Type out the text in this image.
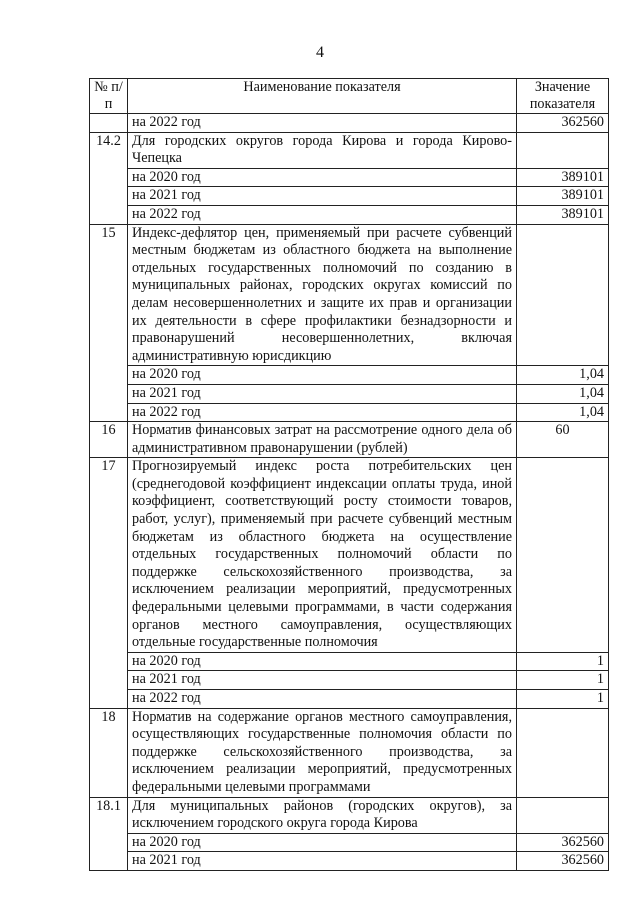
4
№ п/п	Наименование показателя	Значение показателя
	на 2022 год	362560
14.2	Для городских округов города Кирова и города Кирово-Чепецка	
	на 2020 год	389101
	на 2021 год	389101
	на 2022 год	389101
15	Индекс-дефлятор цен, применяемый при расчете субвенций местным бюджетам из областного бюджета на выполнение отдельных государственных полномочий по созданию в муниципальных районах, городских округах комиссий по делам несовершеннолетних и защите их прав и организации их деятельности в сфере профилактики безнадзорности и правонарушений несовершеннолетних, включая административную юрисдикцию	
	на 2020 год	1,04
	на 2021 год	1,04
	на 2022 год	1,04
16	Норматив финансовых затрат на рассмотрение одного дела об административном правонарушении (рублей)	60
17	Прогнозируемый индекс роста потребительских цен (среднегодовой коэффициент индексации оплаты труда, иной коэффициент, соответствующий росту стоимости товаров, работ, услуг), применяемый при расчете субвенций местным бюджетам из областного бюджета на осуществление отдельных государственных полномочий области по поддержке сельскохозяйственного производства, за исключением реализации мероприятий, предусмотренных федеральными целевыми программами, в части содержания органов местного самоуправления, осуществляющих отдельные государственные полномочия	
	на 2020 год	1
	на 2021 год	1
	на 2022 год	1
18	Норматив на содержание органов местного самоуправления, осуществляющих государственные полномочия области по поддержке сельскохозяйственного производства, за исключением реализации мероприятий, предусмотренных федеральными целевыми программами	
18.1	Для муниципальных районов (городских округов), за исключением городского округа города Кирова	
	на 2020 год	362560
	на 2021 год	362560
